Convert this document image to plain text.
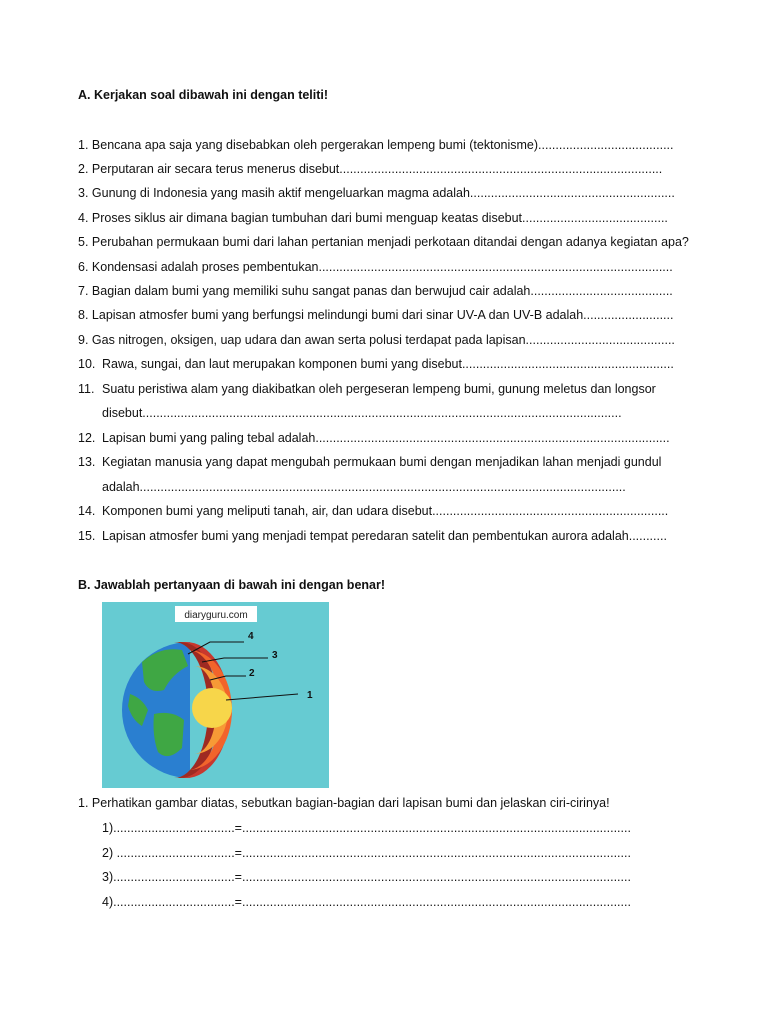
A. Kerjakan soal dibawah ini dengan teliti!
1. Bencana apa saja yang disebabkan oleh pergerakan lempeng bumi (tektonisme).......................................
2. Perputaran air secara terus menerus disebut.............................................................................................
3. Gunung di Indonesia yang masih aktif mengeluarkan magma adalah...........................................................
4. Proses siklus air dimana bagian tumbuhan dari bumi menguap keatas disebut..........................................
5. Perubahan permukaan bumi dari lahan pertanian menjadi perkotaan ditandai dengan adanya kegiatan apa?
6. Kondensasi adalah proses pembentukan......................................................................................................
7. Bagian dalam bumi yang memiliki suhu sangat panas dan berwujud cair adalah.........................................
8. Lapisan atmosfer bumi yang berfungsi melindungi bumi dari sinar UV-A dan UV-B adalah..........................
9. Gas nitrogen, oksigen, uap udara dan awan serta polusi terdapat pada lapisan...........................................
10. Rawa, sungai, dan laut merupakan komponen bumi yang disebut.............................................................
11. Suatu peristiwa alam yang diakibatkan oleh pergeseran lempeng bumi, gunung meletus dan longsor
disebut..........................................................................................................................................
12. Lapisan bumi yang paling tebal adalah......................................................................................................
13. Kegiatan manusia yang dapat mengubah permukaan bumi dengan menjadikan lahan menjadi gundul
adalah............................................................................................................................................
14. Komponen bumi yang meliputi tanah, air, dan udara disebut....................................................................
15. Lapisan atmosfer bumi yang menjadi tempat peredaran satelit dan pembentukan aurora adalah...........
B. Jawablah pertanyaan di bawah ini dengan benar!
diaryguru.com
4
3
2
1
1. Perhatikan gambar diatas, sebutkan bagian-bagian dari lapisan bumi dan jelaskan ciri-cirinya!
1)...................................=................................................................................................................
2) ..................................=................................................................................................................
3)...................................=................................................................................................................
4)...................................=................................................................................................................
